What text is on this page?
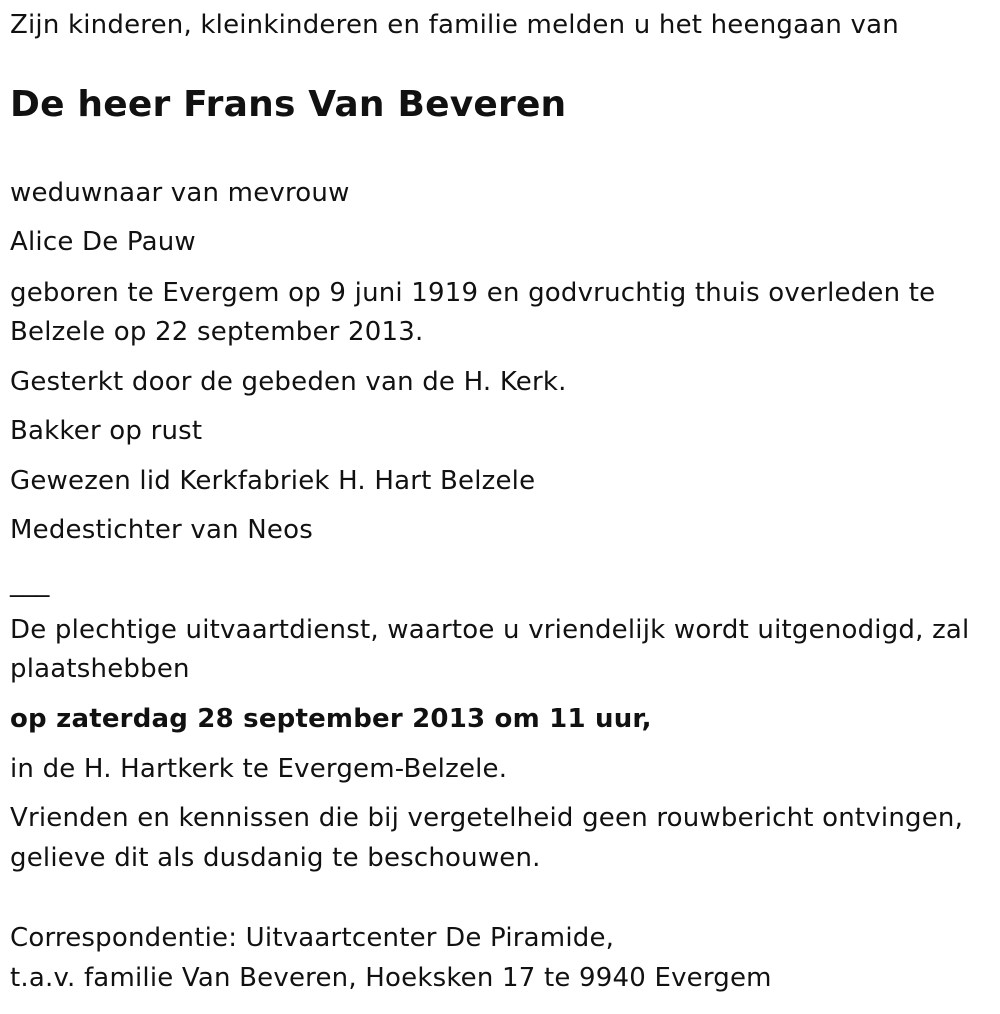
Zijn kinderen, kleinkinderen en familie melden u het heengaan van
De heer Frans Van Beveren
weduwnaar van mevrouw
Alice De Pauw
geboren te Evergem op 9 juni 1919 en godvruchtig thuis overleden te
Belzele op 22 september 2013.
Gesterkt door de gebeden van de H. Kerk.
Bakker op rust
Gewezen lid Kerkfabriek H. Hart Belzele
Medestichter van Neos
___
De plechtige uitvaartdienst, waartoe u vriendelijk wordt uitgenodigd, zal
plaatshebben
op zaterdag 28 september 2013 om 11 uur,
in de H. Hartkerk te Evergem-Belzele.
Vrienden en kennissen die bij vergetelheid geen rouwbericht ontvingen,
gelieve dit als dusdanig te beschouwen.
Correspondentie: Uitvaartcenter De Piramide,
t.a.v. familie Van Beveren, Hoeksken 17 te 9940 Evergem
